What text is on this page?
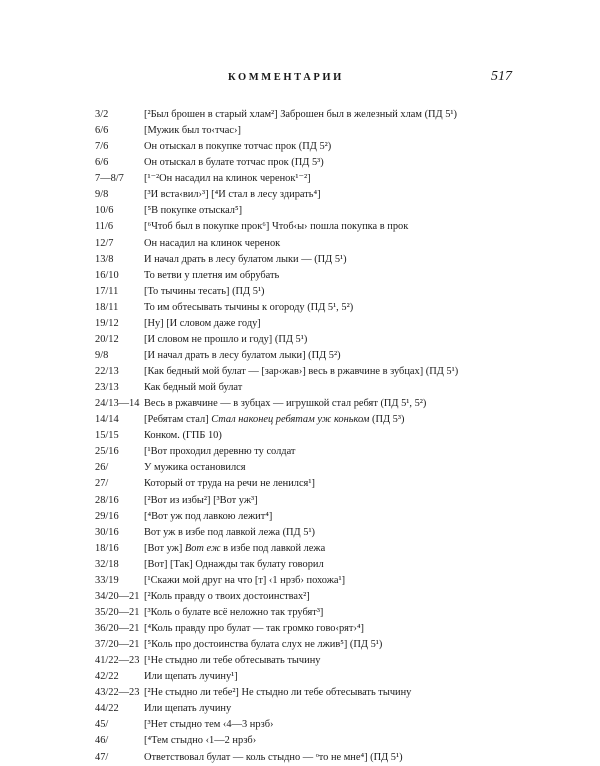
КОММЕНТАРИИ	517
3/2	[²Был брошен в старый хлам²] Заброшен был в железный хлам (ПД 5¹)
6/6	[Мужик был то‹тчас›]
7/6	Он отыскал в покупке тотчас прок (ПД 5²)
6/6	Он отыскал в булате тотчас прок (ПД 5³)
7—8/7	[¹⁻²Он насадил на клинок черенок¹⁻²]
9/8	[³И вста‹вил›³] [⁴И стал в лесу здирать⁴]
10/6	[⁵В покупке отыскал⁵]
11/6	[⁶Чтоб был в покупке прок⁶] Чтоб‹ы› пошла покупка в прок
12/7	Он насадил на клинок черенок
13/8	И начал драть в лесу булатом лыки — (ПД 5¹)
16/10	То ветви у плетня им обрубать
17/11	[То тычины тесать] (ПД 5¹)
18/11	То им обтесывать тычины к огороду (ПД 5¹, 5²)
19/12	[Ну] [И словом даже году]
20/12	[И словом не прошло и году] (ПД 5¹)
9/8	[И начал драть в лесу булатом лыки] (ПД 5²)
22/13	[Как бедный мой булат — [зар‹жав›] весь в ржавчине в зубцах] (ПД 5¹)
23/13	Как бедный мой булат
24/13—14 Весь в ржавчине — в зубцах — игрушкой стал ребят (ПД 5¹, 5²)
14/14	[Ребятам стал] Стал наконец ребятам уж коньком (ПД 5³)
15/15	Конком. (ГПБ 10)
25/16	[¹Вот проходил деревню ту солдат
26/	У мужика остановился
27/	Который от труда на речи не ленился¹]
28/16	[²Вот из избы²] [³Вот уж³]
29/16	[⁴Вот уж под лавкою лежит⁴]
30/16	Вот уж в избе под лавкой лежа (ПД 5¹)
18/16	[Вот уж] Вот еж в избе под лавкой лежа
32/18	[Вот] [Так] Однажды так булату говорил
33/19	[¹Скажи мой друг на что [т] ‹1 нрзб› похожа¹]
34/20—21 [²Коль правду о твоих достоинствах²]
35/20—21 [³Коль о булате всё неложно так трубят³]
36/20—21 [⁴Коль правду про булат — так громко гово‹рят›⁴]
37/20—21 [⁵Коль про достоинства булата слух не лжив⁵] (ПД 5¹)
41/22—23 [¹Не стыдно ли тебе обтесывать тычину
42/22	Или щепать лучину¹]
43/22—23 [²Не стыдно ли тебе²] Не стыдно ли тебе обтесывать тычину
44/22	Или щепать лучину
45/	[³Нет стыдно тем ‹4—3 нрзб›
46/	[⁴Тем стыдно ‹1—2 нрзб›
47/	Ответствовал булат — коль стыдно — ᵒто не мне⁴] (ПД 5¹)
